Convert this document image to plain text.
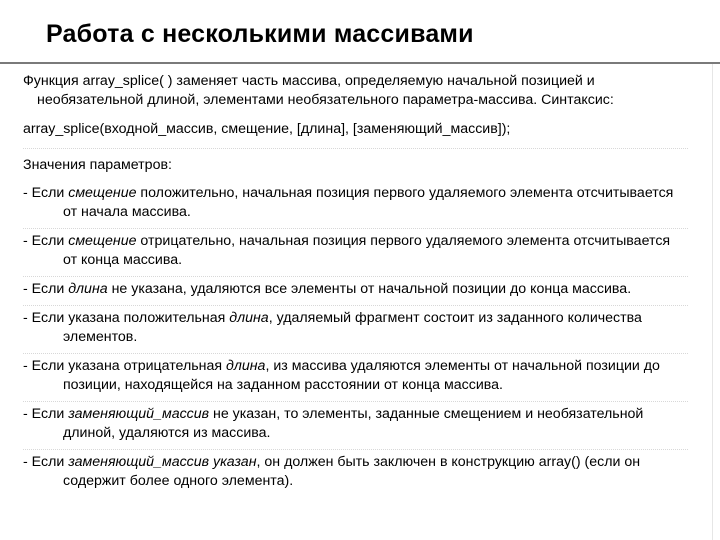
Работа с несколькими массивами

Функция array_splice( ) заменяет часть массива, определяемую начальной позицией и необязательной длиной, элементами необязательного параметра-массива. Синтаксис:

array_splice(входной_массив, смещение, [длина], [заменяющий_массив]);

Значения параметров:

- Если смещение положительно, начальная позиция первого удаляемого элемента отсчитывается от начала массива.

- Если смещение отрицательно, начальная позиция первого удаляемого элемента отсчитывается от конца массива.

- Если длина не указана, удаляются все элементы от начальной позиции до конца массива.

- Если указана положительная длина, удаляемый фрагмент состоит из заданного количества элементов.

- Если указана отрицательная длина, из массива удаляются элементы от начальной позиции до позиции, находящейся на заданном расстоянии от конца массива.

- Если заменяющий_массив не указан, то элементы, заданные смещением и необязательной длиной, удаляются из массива.

- Если заменяющий_массив указан, он должен быть заключен в конструкцию array() (если он содержит более одного элемента).
